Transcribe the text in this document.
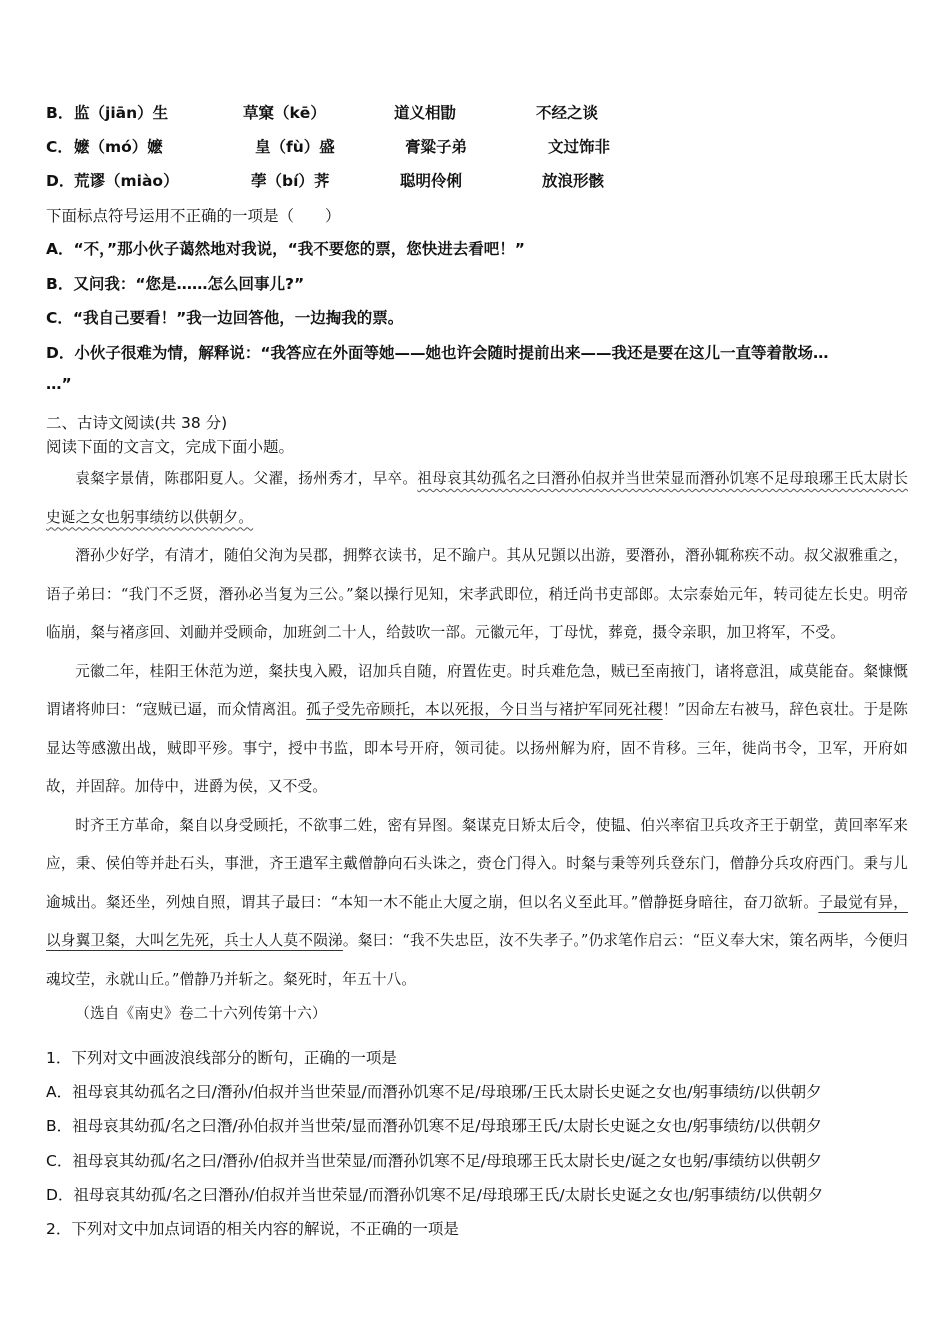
B． 监（jiān）生	草窠（kē）	道义相勖	不经之谈
C． 嬷（mó）嬷	皇（fù）盛	膏粱子弟	文过饰非
D． 荒谬（miào）	荸（bí）荠	聪明伶俐	放浪形骸
下面标点符号运用不正确的一项是（　　）
A．“不，”那小伙子蔼然地对我说，“我不要您的票，您快进去看吧！”
B．又问我：“您是……怎么回事儿?”
C．“我自己要看！”我一边回答他，一边掏我的票。
D．小伙子很难为情，解释说：“我答应在外面等她——她也许会随时提前出来——我还是要在这儿一直等着散场…
…”
二、古诗文阅读(共 38 分)
阅读下面的文言文，完成下面小题。

袁粲字景倩，陈郡阳夏人。父濯，扬州秀才，早卒。祖母哀其幼孤名之曰潛孙伯叔并当世荣显而潛孙饥寒不足母琅琊王氏太尉长史诞之女也躬事绩纺以供朝夕。

潛孙少好学，有清才，随伯父洵为吴郡，拥弊衣读书，足不踰户。其从兄顗以出游，要潛孙，潛孙辄称疾不动。叔父淑雅重之，语子弟曰：“我门不乏贤，潛孙必当复为三公。”粲以操行见知，宋孝武即位，稍迁尚书吏部郎。太宗泰始元年，转司徒左长史。明帝临崩，粲与褚彦回、刘勔并受顾命，加班剑二十人，给鼓吹一部。元徽元年，丁母忧，葬竟，摄令亲职，加卫将军，不受。

元徽二年，桂阳王休范为逆，粲扶曳入殿，诏加兵自随，府置佐吏。时兵难危急，贼已至南掖门，诸将意沮，咸莫能奋。粲慷慨谓诸将帅曰：“寇贼已逼，而众情离沮。孤子受先帝顾托，本以死报，今日当与褚护军同死社稷！”因命左右被马，辞色哀壮。于是陈显达等感激出战，贼即平殄。事宁，授中书监，即本号开府，领司徒。以扬州解为府，固不肯移。三年，徙尚书令，卫军，开府如故，并固辞。加侍中，进爵为侯，又不受。

时齐王方革命，粲自以身受顾托，不欲事二姓，密有异图。粲谋克日矫太后令，使韫、伯兴率宿卫兵攻齐王于朝堂，黄回率军来应，秉、侯伯等并赴石头，事泄，齐王遣军主戴僧静向石头诛之，赍仓门得入。时粲与秉等列兵登东门，僧静分兵攻府西门。秉与儿逾城出。粲还坐，列烛自照，谓其子最曰：“本知一木不能止大厦之崩，但以名义至此耳。”僧静挺身暗往，奋刀欲斩。子最觉有异，以身翼卫粲，大叫乞先死，兵士人人莫不陨涕。粲曰：“我不失忠臣，汝不失孝子。”仍求笔作启云：“臣义奉大宋，策名两毕，今便归魂坟茔，永就山丘。”僧静乃并斩之。粲死时，年五十八。

（选自《南史》卷二十六列传第十六）

1．下列对文中画波浪线部分的断句，正确的一项是
A．祖母哀其幼孤名之曰/潛孙/伯叔并当世荣显/而潛孙饥寒不足/母琅琊/王氏太尉长史诞之女也/躬事绩纺/以供朝夕
B．祖母哀其幼孤/名之曰潛/孙伯叔并当世荣/显而潛孙饥寒不足/母琅琊王氏/太尉长史诞之女也/躬事绩纺/以供朝夕
C．祖母哀其幼孤/名之曰/潛孙/伯叔并当世荣显/而潛孙饥寒不足/母琅琊王氏太尉长史/诞之女也躬/事绩纺以供朝夕
D．祖母哀其幼孤/名之曰潛孙/伯叔并当世荣显/而潛孙饥寒不足/母琅琊王氏/太尉长史诞之女也/躬事绩纺/以供朝夕
2．下列对文中加点词语的相关内容的解说，不正确的一项是
